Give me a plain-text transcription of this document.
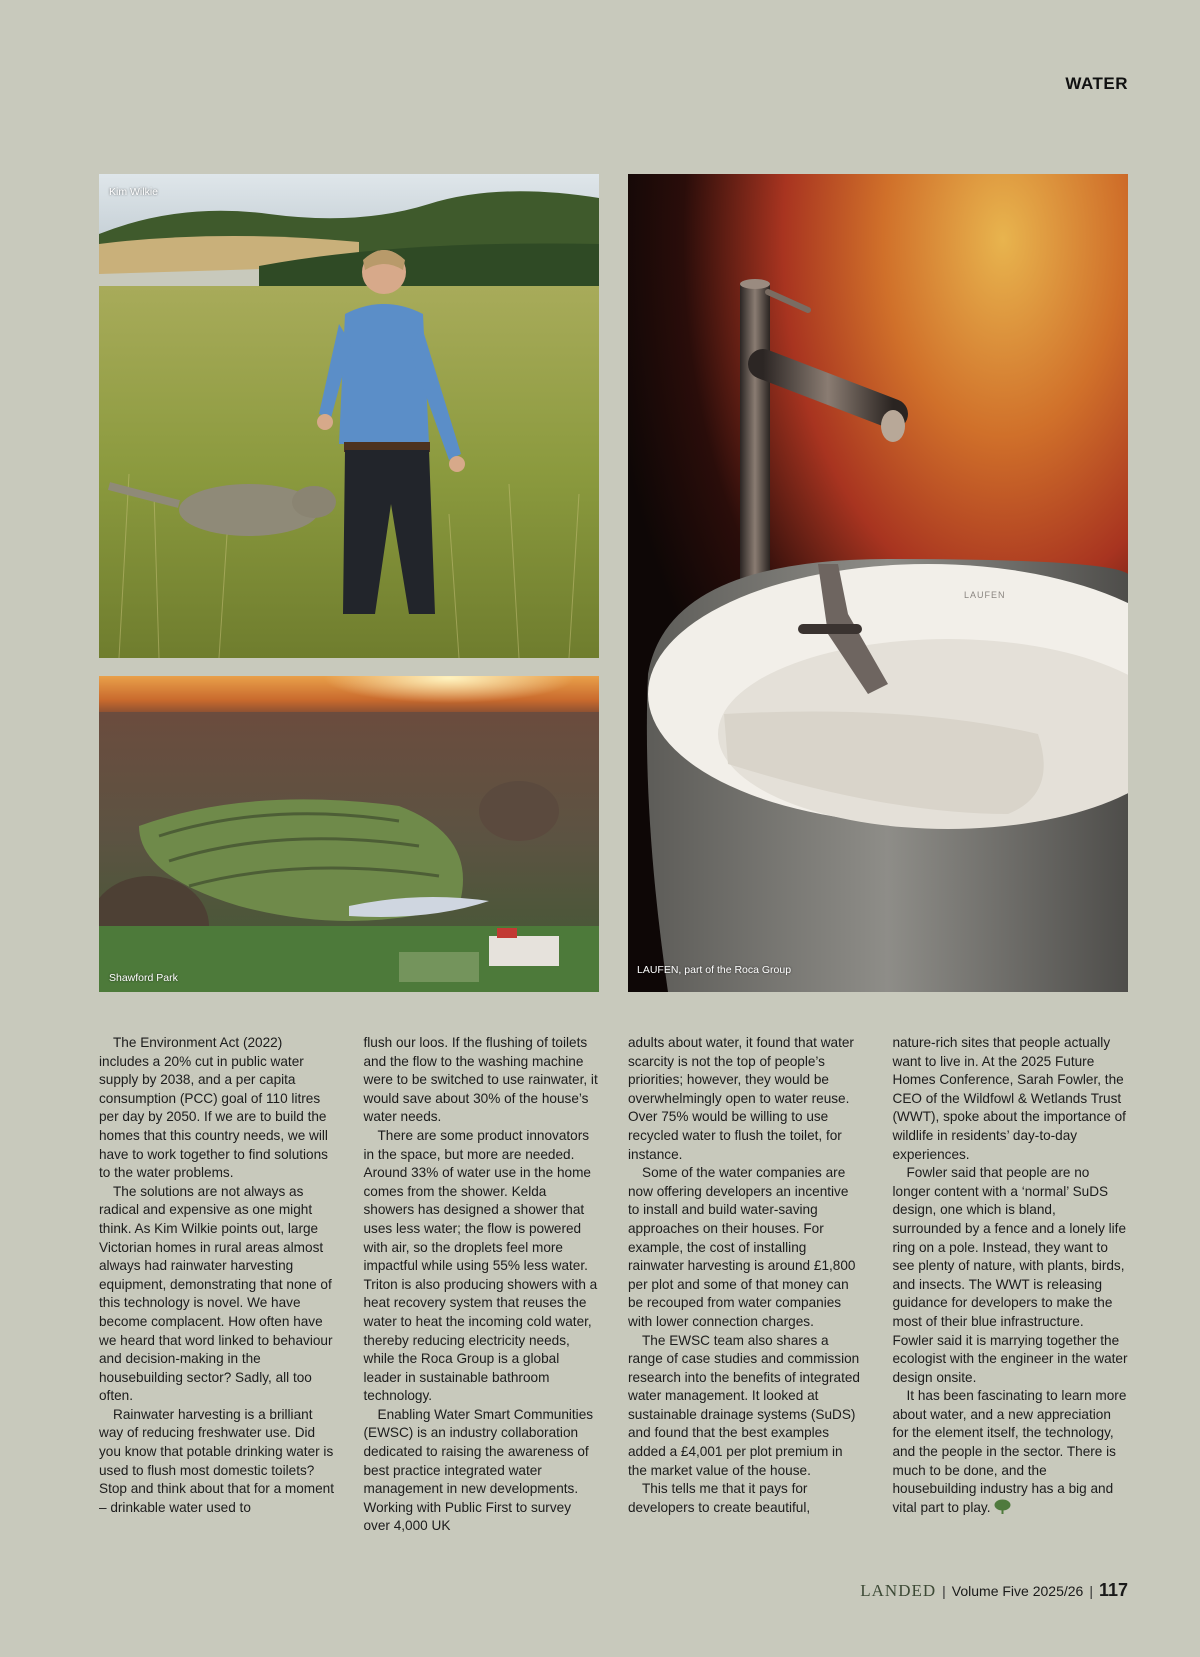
WATER
Kim Wilkie
Shawford Park
LAUFEN
LAUFEN, part of the Roca Group

The Environment Act (2022) includes a 20% cut in public water supply by 2038, and a per capita consumption (PCC) goal of 110 litres per day by 2050. If we are to build the homes that this country needs, we will have to work together to find solutions to the water problems.

The solutions are not always as radical and expensive as one might think. As Kim Wilkie points out, large Victorian homes in rural areas almost always had rainwater harvesting equipment, demonstrating that none of this technology is novel. We have become complacent. How often have we heard that word linked to behaviour and decision-making in the housebuilding sector? Sadly, all too often.

Rainwater harvesting is a brilliant way of reducing freshwater use. Did you know that potable drinking water is used to flush most domestic toilets? Stop and think about that for a moment – drinkable water used to

flush our loos. If the flushing of toilets and the flow to the washing machine were to be switched to use rainwater, it would save about 30% of the house’s water needs.

There are some product innovators in the space, but more are needed. Around 33% of water use in the home comes from the shower. Kelda showers has designed a shower that uses less water; the flow is powered with air, so the droplets feel more impactful while using 55% less water. Triton is also producing showers with a heat recovery system that reuses the water to heat the incoming cold water, thereby reducing electricity needs, while the Roca Group is a global leader in sustainable bathroom technology.

Enabling Water Smart Communities (EWSC) is an industry collaboration dedicated to raising the awareness of best practice integrated water management in new developments. Working with Public First to survey over 4,000 UK

adults about water, it found that water scarcity is not the top of people’s priorities; however, they would be overwhelmingly open to water reuse. Over 75% would be willing to use recycled water to flush the toilet, for instance.

Some of the water companies are now offering developers an incentive to install and build water-saving approaches on their houses. For example, the cost of installing rainwater harvesting is around £1,800 per plot and some of that money can be recouped from water companies with lower connection charges.

The EWSC team also shares a range of case studies and commission research into the benefits of integrated water management. It looked at sustainable drainage systems (SuDS) and found that the best examples added a £4,001 per plot premium in the market value of the house.

This tells me that it pays for developers to create beautiful,

nature-rich sites that people actually want to live in. At the 2025 Future Homes Conference, Sarah Fowler, the CEO of the Wildfowl & Wetlands Trust (WWT), spoke about the importance of wildlife in residents’ day-to-day experiences.

Fowler said that people are no longer content with a ‘normal’ SuDS design, one which is bland, surrounded by a fence and a lonely life ring on a pole. Instead, they want to see plenty of nature, with plants, birds, and insects. The WWT is releasing guidance for developers to make the most of their blue infrastructure. Fowler said it is marrying together the ecologist with the engineer in the water design onsite.

It has been fascinating to learn more about water, and a new appreciation for the element itself, the technology, and the people in the sector. There is much to be done, and the housebuilding industry has a big and vital part to play.

LANDED | Volume Five 2025/26 | 117
